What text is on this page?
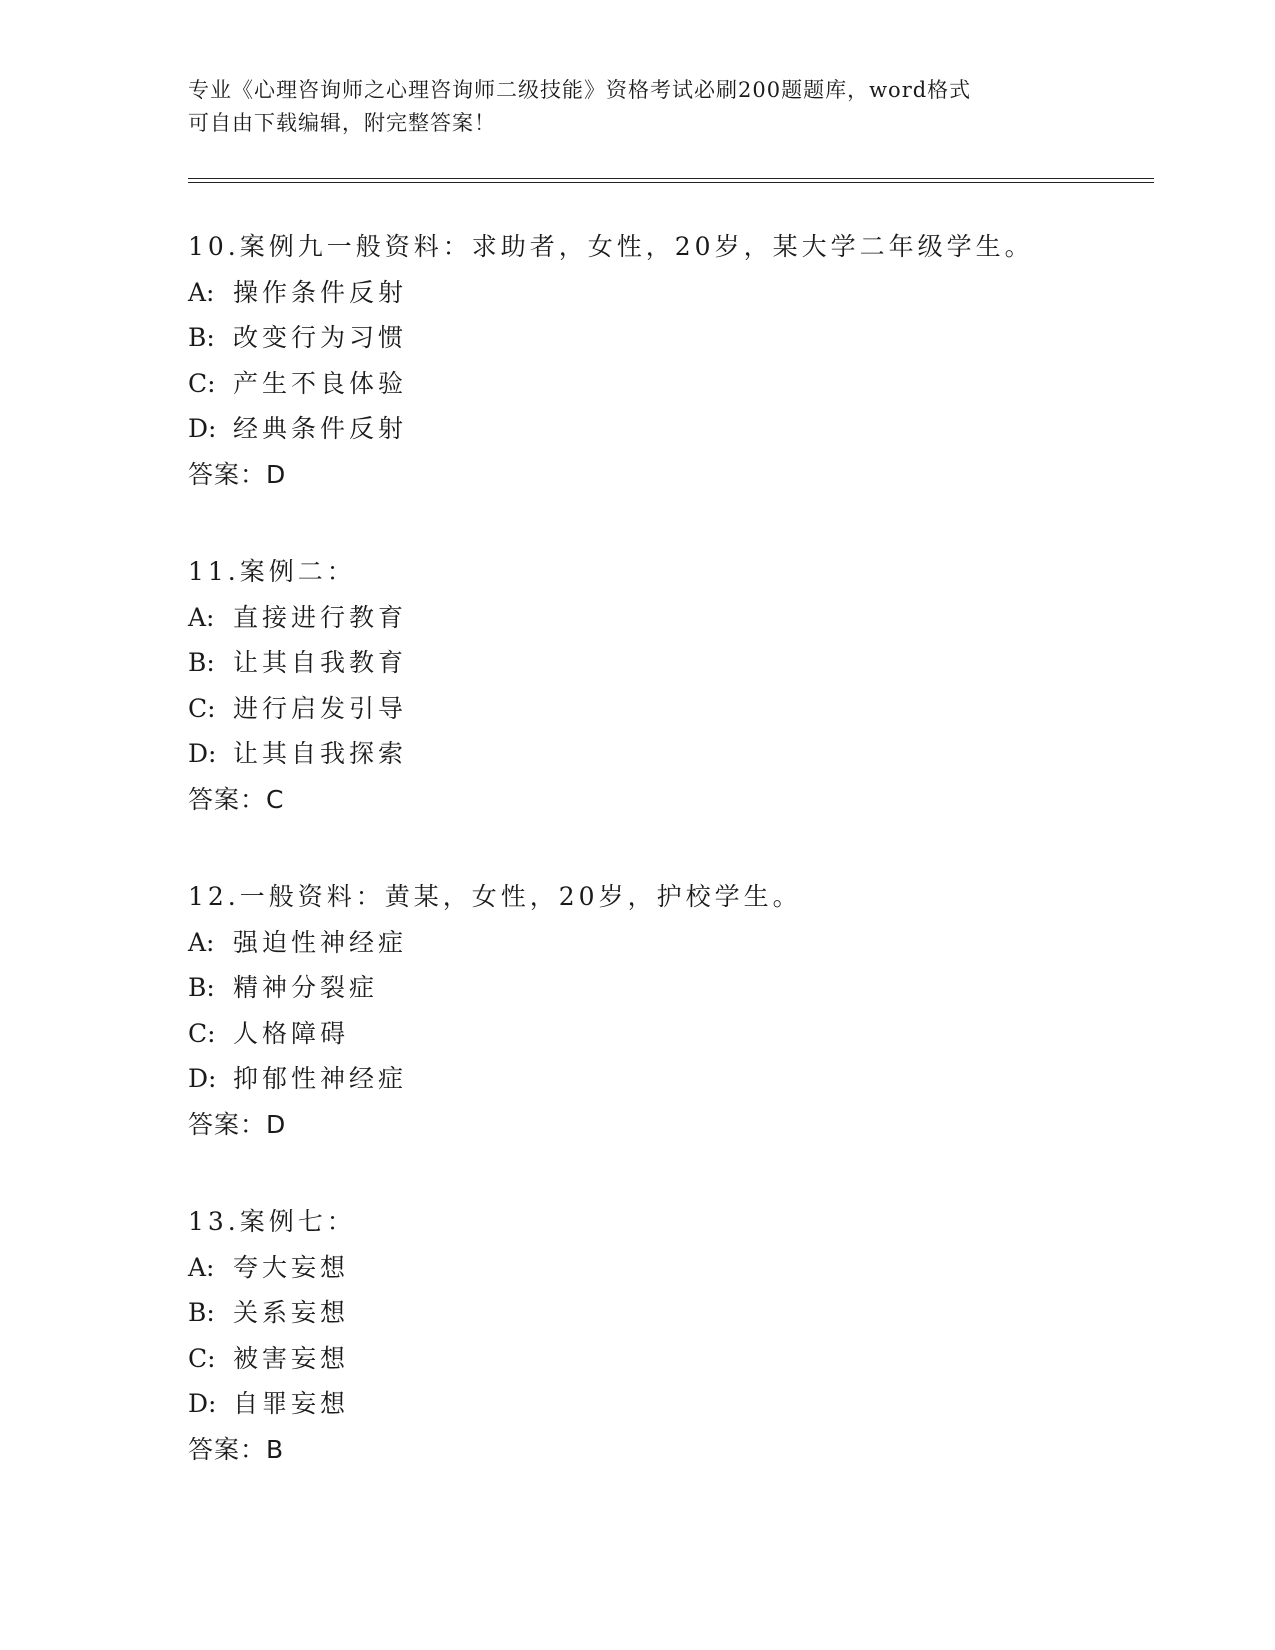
专业《心理咨询师之心理咨询师二级技能》资格考试必刷200题题库，word格式
可自由下载编辑，附完整答案！
10.案例九一般资料：求助者，女性，20岁，某大学二年级学生。
A: 操作条件反射
B: 改变行为习惯
C: 产生不良体验
D: 经典条件反射
答案：D
11.案例二：
A: 直接进行教育
B: 让其自我教育
C: 进行启发引导
D: 让其自我探索
答案：C
12.一般资料：黄某，女性，20岁，护校学生。
A: 强迫性神经症
B: 精神分裂症
C: 人格障碍
D: 抑郁性神经症
答案：D
13.案例七：
A: 夸大妄想
B: 关系妄想
C: 被害妄想
D: 自罪妄想
答案：B
